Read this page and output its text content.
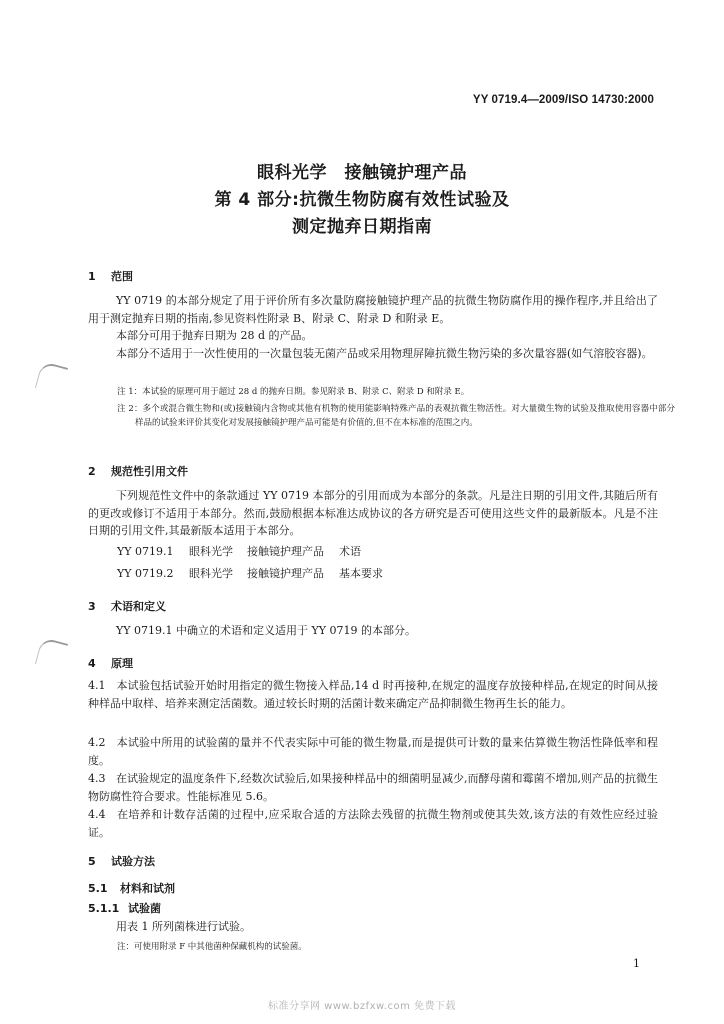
YY 0719.4—2009/ISO 14730:2000
眼科光学　接触镜护理产品
第 4 部分:抗微生物防腐有效性试验及
测定抛弃日期指南
1 范围

YY 0719 的本部分规定了用于评价所有多次量防腐接触镜护理产品的抗微生物防腐作用的操作程序,并且给出了用于测定抛弃日期的指南,参见资料性附录 B、附录 C、附录 D 和附录 E。

本部分可用于抛弃日期为 28 d 的产品。

本部分不适用于一次性使用的一次量包装无菌产品或采用物理屏障抗微生物污染的多次量容器(如气溶胶容器)。

注 1：本试验的原理可用于超过 28 d 的抛弃日期。参见附录 B、附录 C、附录 D 和附录 E。

注 2：多个或混合微生物和(或)接触镜内含物或其他有机物的使用能影响特殊产品的表观抗微生物活性。对大量微生物的试验及推取使用容器中部分样品的试验来评价其变化对发展接触镜护理产品可能是有价值的,但不在本标准的范围之内。

2 规范性引用文件

下列规范性文件中的条款通过 YY 0719 本部分的引用而成为本部分的条款。凡是注日期的引用文件,其随后所有的更改或修订不适用于本部分。然而,鼓励根据本标准达成协议的各方研究是否可使用这些文件的最新版本。凡是不注日期的引用文件,其最新版本适用于本部分。

YY 0719.1 眼科光学 接触镜护理产品 术语
YY 0719.2 眼科光学 接触镜护理产品 基本要求
3 术语和定义

YY 0719.1 中确立的术语和定义适用于 YY 0719 的本部分。

4 原理

4.1 本试验包括试验开始时用指定的微生物接入样品,14 d 时再接种,在规定的温度存放接种样品,在规定的时间从接种样品中取样、培养来测定活菌数。通过较长时期的活菌计数来确定产品抑制微生物再生长的能力。

4.2 本试验中所用的试验菌的量并不代表实际中可能的微生物量,而是提供可计数的量来估算微生物活性降低率和程度。

4.3 在试验规定的温度条件下,经数次试验后,如果接种样品中的细菌明显减少,而酵母菌和霉菌不增加,则产品的抗微生物防腐性符合要求。性能标准见 5.6。

4.4 在培养和计数存活菌的过程中,应采取合适的方法除去残留的抗微生物剂或使其失效,该方法的有效性应经过验证。

5 试验方法
5.1 材料和试剂
5.1.1 试验菌

用表 1 所列菌株进行试验。

注：可使用附录 F 中其他菌种保藏机构的试验菌。

1
标准分享网 www.bzfxw.com 免费下载
